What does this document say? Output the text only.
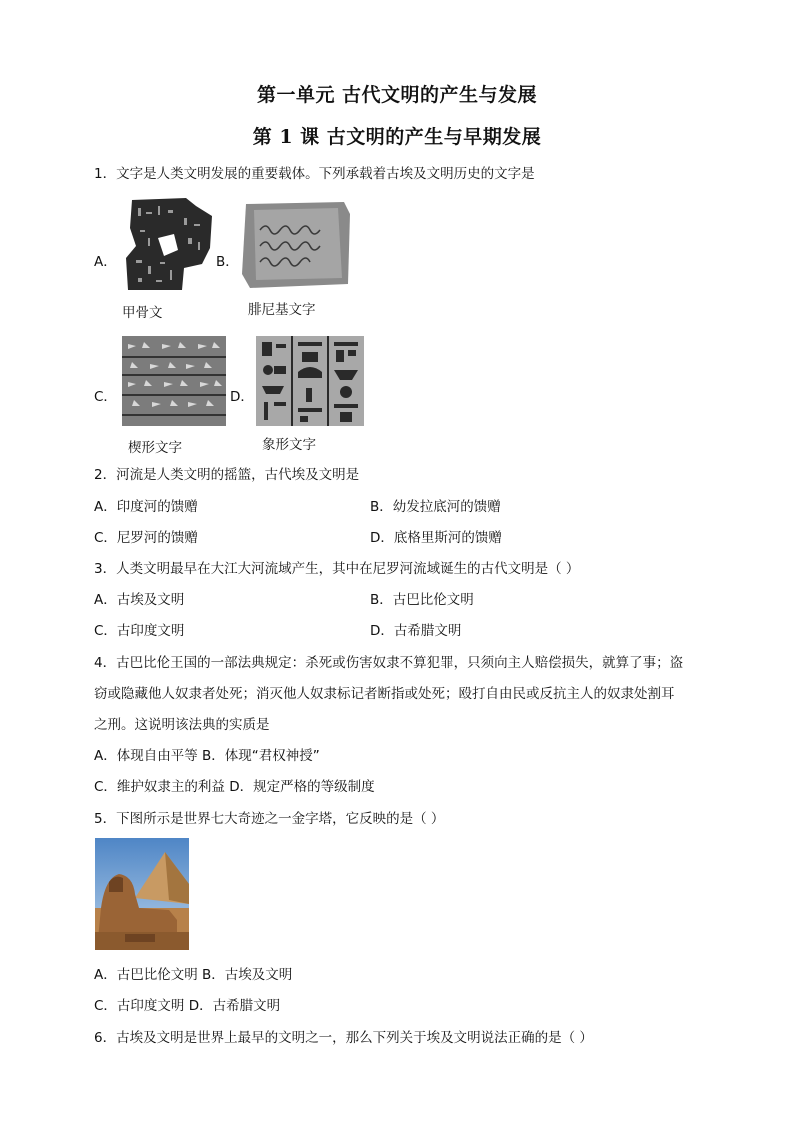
第一单元 古代文明的产生与发展
第 1 课 古文明的产生与早期发展
1．文字是人类文明发展的重要载体。下列承载着古埃及文明历史的文字是
A．	B．
甲骨文	腓尼基文字
C．	D．
楔形文字	象形文字
2．河流是人类文明的摇篮，古代埃及文明是
A．印度河的馈赠	B．幼发拉底河的馈赠
C．尼罗河的馈赠	D．底格里斯河的馈赠
3．人类文明最早在大江大河流域产生，其中在尼罗河流域诞生的古代文明是（ ）
A．古埃及文明	B．古巴比伦文明
C．古印度文明	D．古希腊文明
4．古巴比伦王国的一部法典规定：杀死或伤害奴隶不算犯罪，只须向主人赔偿损失，就算了事；盗
窃或隐藏他人奴隶者处死；消灭他人奴隶标记者断指或处死；殴打自由民或反抗主人的奴隶处割耳
之刑。这说明该法典的实质是
A．体现自由平等 B．体现“君权神授”
C．维护奴隶主的利益 D．规定严格的等级制度
5．下图所示是世界七大奇迹之一金字塔，它反映的是（ ）
A．古巴比伦文明 B．古埃及文明
C．古印度文明 D．古希腊文明
6．古埃及文明是世界上最早的文明之一，那么下列关于埃及文明说法正确的是（ ）
